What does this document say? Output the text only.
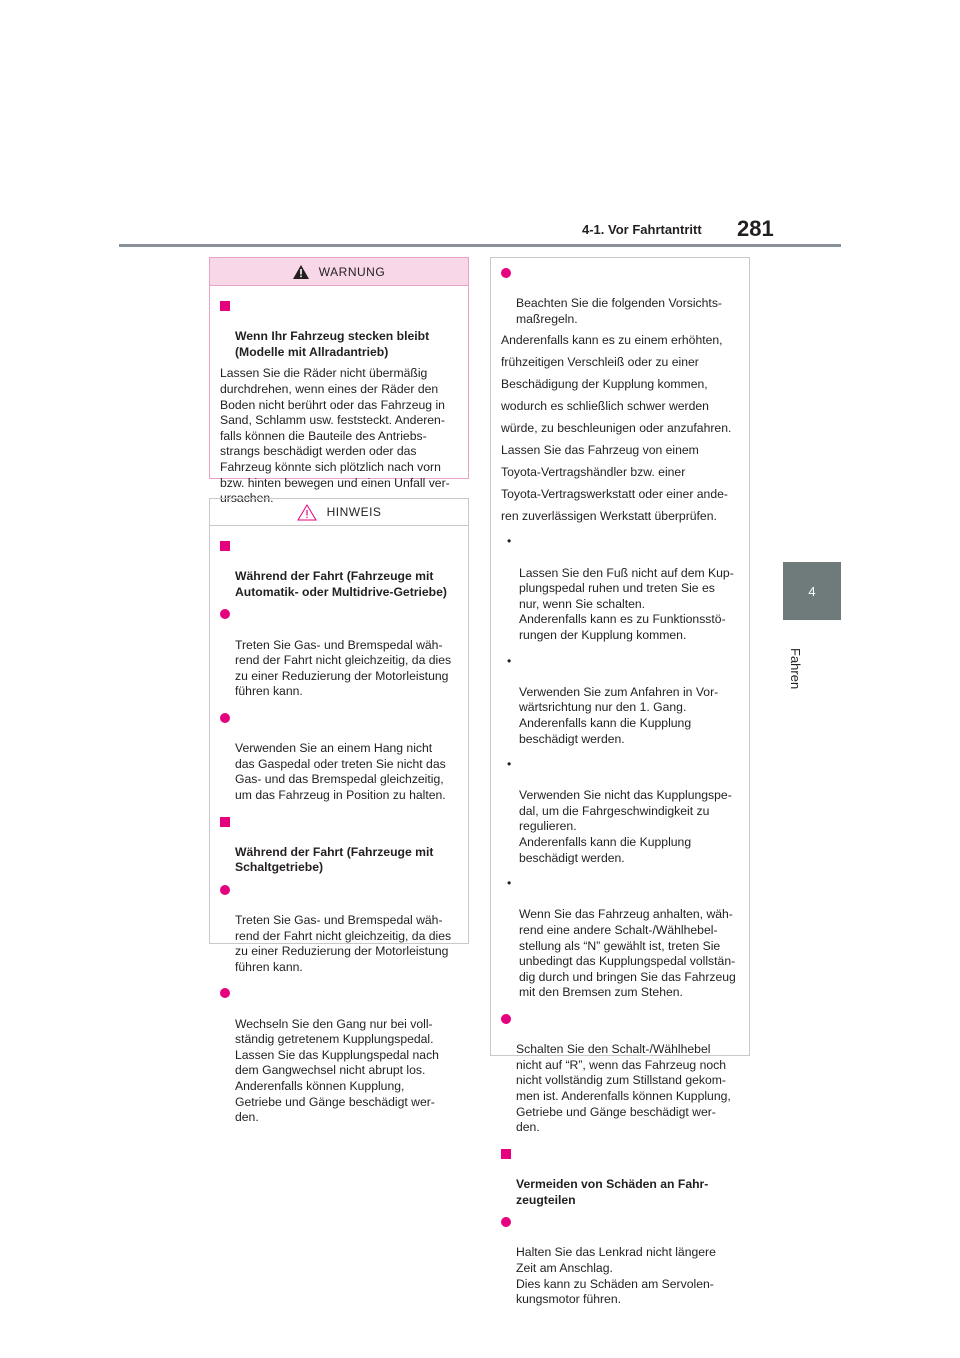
4-1. Vor Fahrtantritt 281
4
Fahren
WARNUNG

Wenn Ihr Fahrzeug stecken bleibt
(Modelle mit Allradantrieb)

Lassen Sie die Räder nicht übermäßig
durchdrehen, wenn eines der Räder den
Boden nicht berührt oder das Fahrzeug in
Sand, Schlamm usw. feststeckt. Anderen-
falls können die Bauteile des Antriebs-
strangs beschädigt werden oder das
Fahrzeug könnte sich plötzlich nach vorn
bzw. hinten bewegen und einen Unfall ver-
ursachen.
HINWEIS

Während der Fahrt (Fahrzeuge mit
Automatik- oder Multidrive-Getriebe)

Treten Sie Gas- und Bremspedal wäh-
rend der Fahrt nicht gleichzeitig, da dies
zu einer Reduzierung der Motorleistung
führen kann.

Verwenden Sie an einem Hang nicht
das Gaspedal oder treten Sie nicht das
Gas- und das Bremspedal gleichzeitig,
um das Fahrzeug in Position zu halten.

Während der Fahrt (Fahrzeuge mit
Schaltgetriebe)

Treten Sie Gas- und Bremspedal wäh-
rend der Fahrt nicht gleichzeitig, da dies
zu einer Reduzierung der Motorleistung
führen kann.

Wechseln Sie den Gang nur bei voll-
ständig getretenem Kupplungspedal.
Lassen Sie das Kupplungspedal nach
dem Gangwechsel nicht abrupt los.
Anderenfalls können Kupplung,
Getriebe und Gänge beschädigt wer-
den.

Beachten Sie die folgenden Vorsichts-
maßregeln.

Anderenfalls kann es zu einem erhöhten,
frühzeitigen Verschleiß oder zu einer
Beschädigung der Kupplung kommen,
wodurch es schließlich schwer werden
würde, zu beschleunigen oder anzufahren.
Lassen Sie das Fahrzeug von einem
Toyota-Vertragshändler bzw. einer
Toyota-Vertragswerkstatt oder einer ande-
ren zuverlässigen Werkstatt überprüfen.

•

Lassen Sie den Fuß nicht auf dem Kup-
plungspedal ruhen und treten Sie es
nur, wenn Sie schalten.
Anderenfalls kann es zu Funktionsstö-
rungen der Kupplung kommen.

•

Verwenden Sie zum Anfahren in Vor-
wärtsrichtung nur den 1. Gang.
Anderenfalls kann die Kupplung
beschädigt werden.

•

Verwenden Sie nicht das Kupplungspe-
dal, um die Fahrgeschwindigkeit zu
regulieren.
Anderenfalls kann die Kupplung
beschädigt werden.

•

Wenn Sie das Fahrzeug anhalten, wäh-
rend eine andere Schalt-/Wählhebel-
stellung als “N” gewählt ist, treten Sie
unbedingt das Kupplungspedal vollstän-
dig durch und bringen Sie das Fahrzeug
mit den Bremsen zum Stehen.

Schalten Sie den Schalt-/Wählhebel
nicht auf “R”, wenn das Fahrzeug noch
nicht vollständig zum Stillstand gekom-
men ist. Anderenfalls können Kupplung,
Getriebe und Gänge beschädigt wer-
den.

Vermeiden von Schäden an Fahr-
zeugteilen

Halten Sie das Lenkrad nicht längere
Zeit am Anschlag.
Dies kann zu Schäden am Servolen-
kungsmotor führen.
